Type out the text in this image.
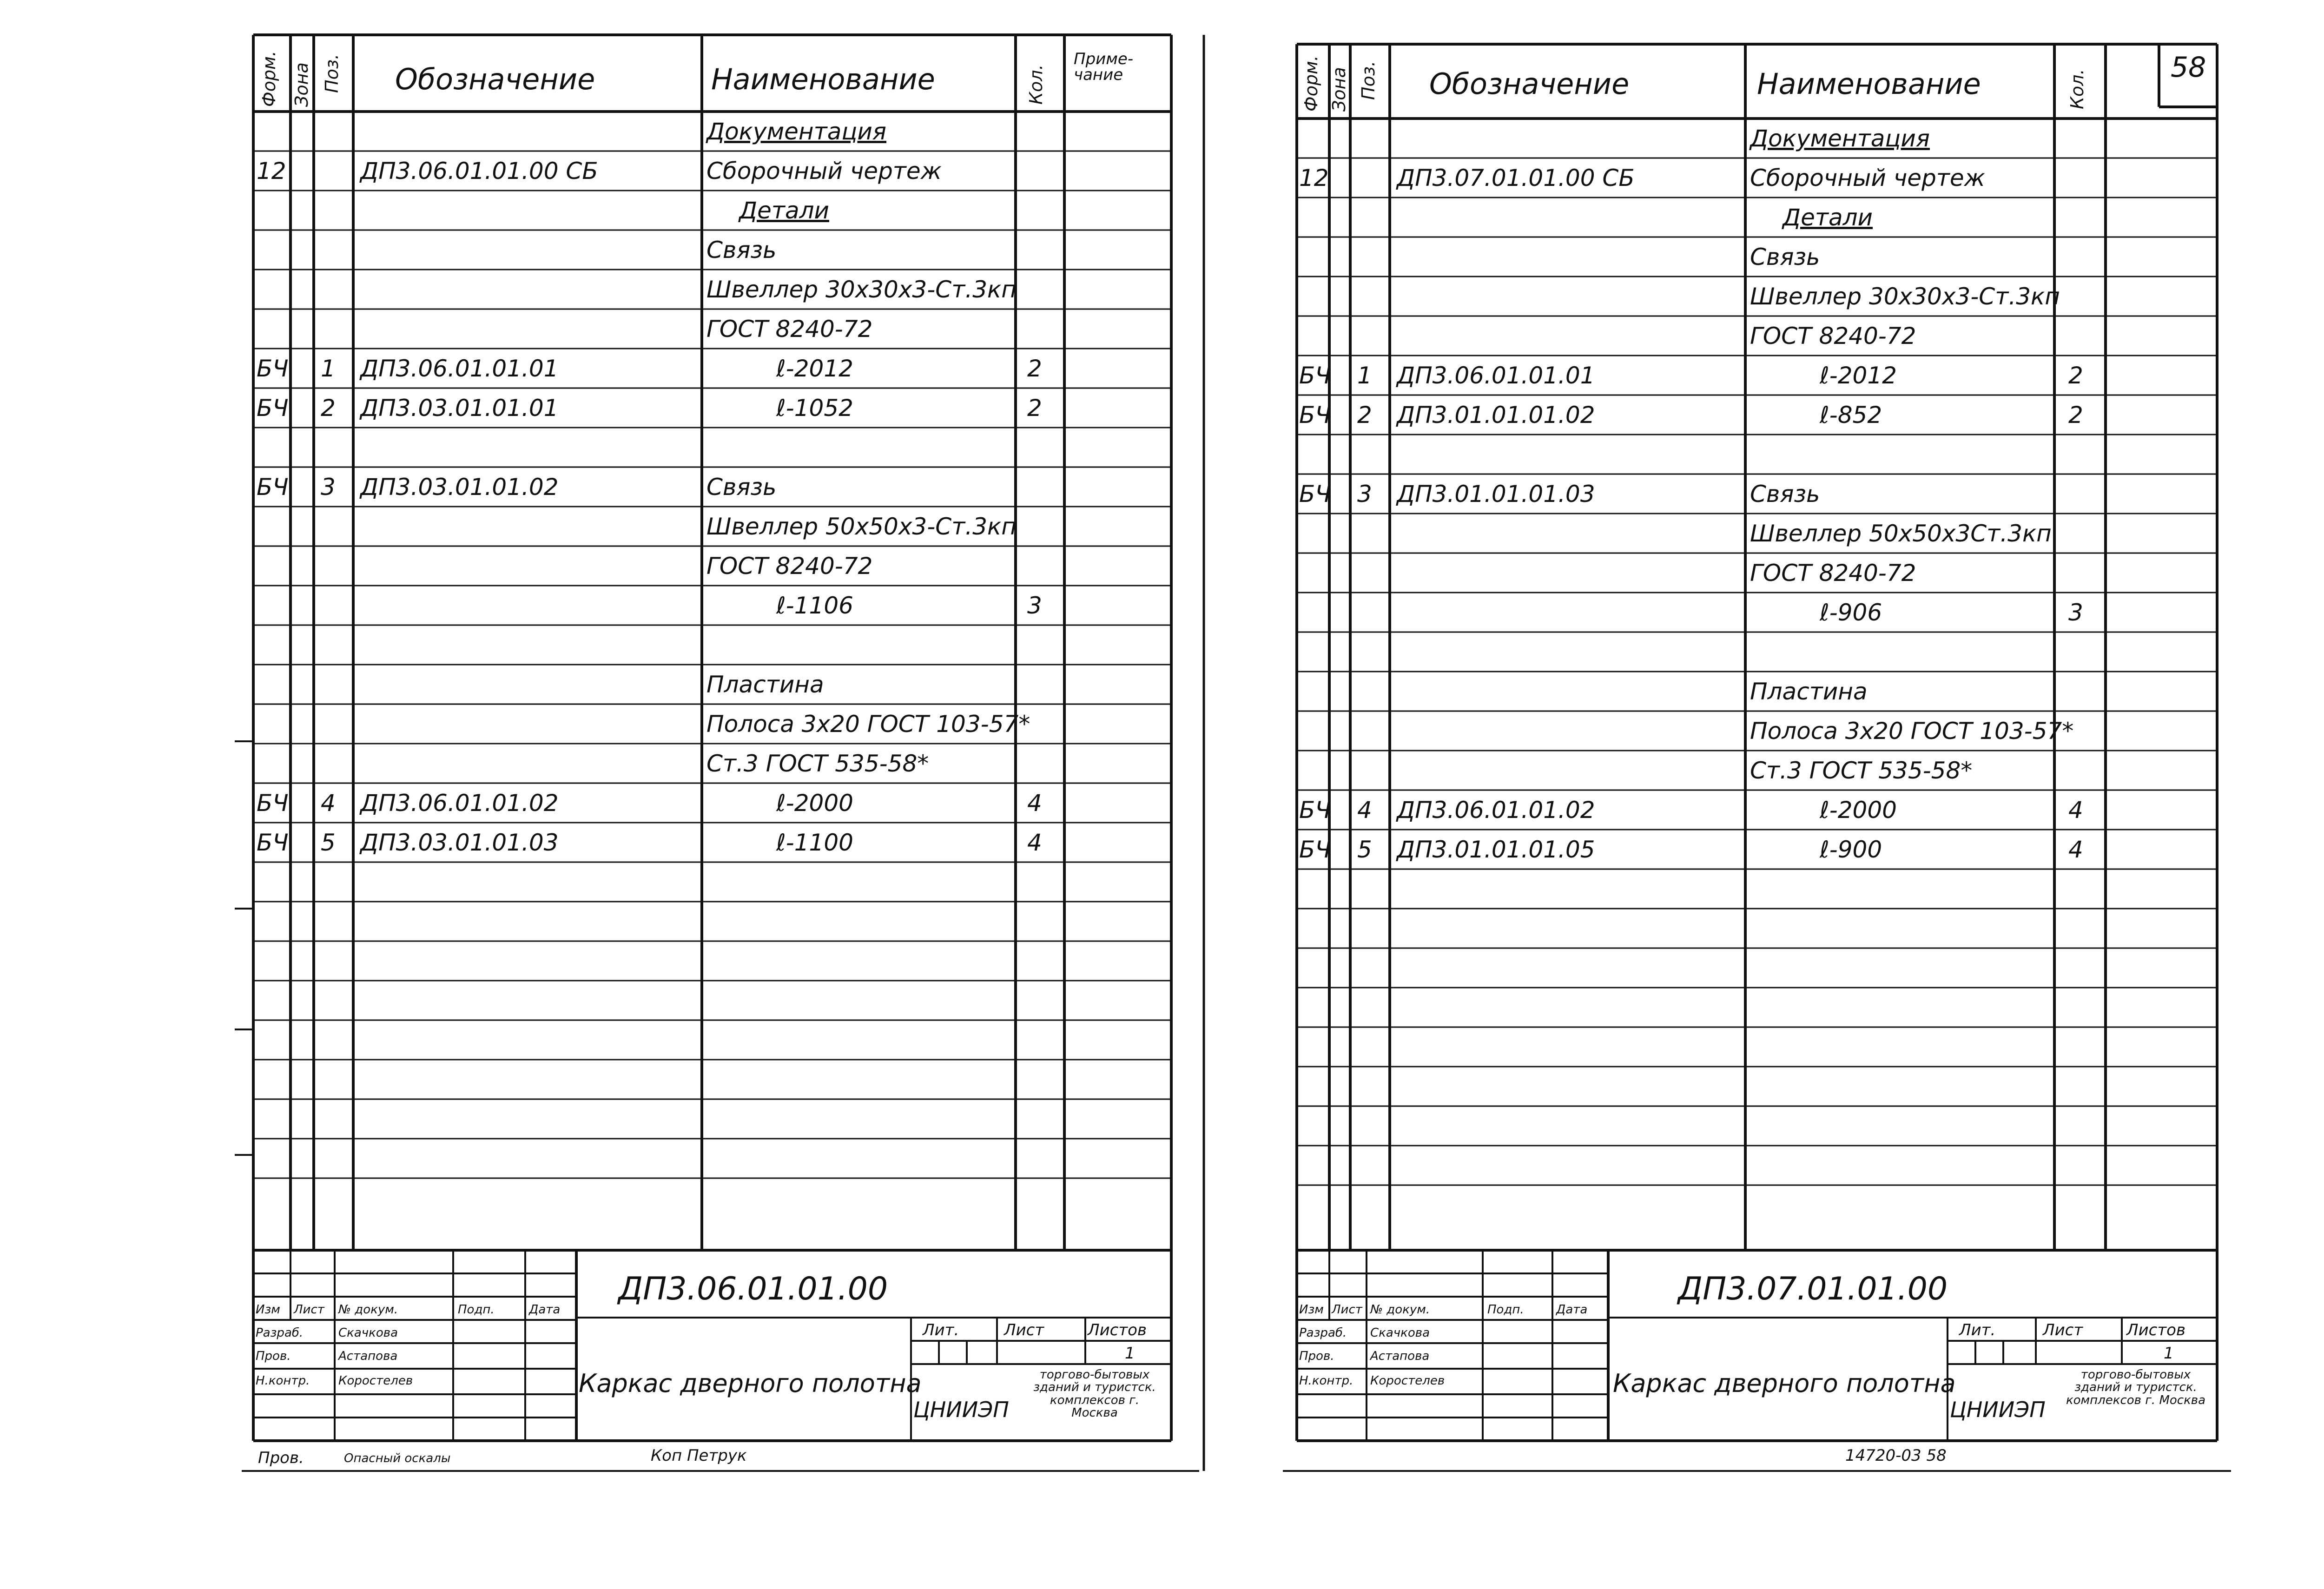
Форм. Зона Поз. Обозначение	Наименование	Кол.
Приме-
чание
Документация
12	ДП3.06.01.01.00 СБ	Сборочный чертеж
Детали
Связь
Швеллер 30х30х3-Ст.3кп
ГОСТ 8240-72
БЧ 1 ДП3.06.01.01.01	ℓ-2012	2
БЧ 2 ДП3.03.01.01.01	ℓ-1052	2
БЧ 3 ДП3.03.01.01.02	Связь
Швеллер 50х50х3-Ст.3кп
ГОСТ 8240-72
ℓ-1106	3
Пластина
Полоса 3х20 ГОСТ 103-57*
Ст.3 ГОСТ 535-58*
БЧ 4 ДП3.06.01.01.02	ℓ-2000	4
БЧ 5 ДП3.03.01.01.03	ℓ-1100	4
ДП3.06.01.01.00
Изм Лист № докум.	Подп.	Дата
Разраб.	Скачкова
Пров.	Астапова
Н.контр. Коростелев	Каркас дверного полотна
Лит.	Лист	Листов
1
ЦНИИЭП
торгово-бытовых зданий и туристск. комплексов г. Москва
Пров.	Опасный оскалы	Коп Петрук
Форм. Зона Поз. Обозначение	Наименование	Кол.
58
Документация
12	ДП3.07.01.01.00 СБ	Сборочный чертеж
Детали
Связь
Швеллер 30х30х3-Ст.3кп
ГОСТ 8240-72
БЧ 1 ДП3.06.01.01.01	ℓ-2012	2
БЧ 2 ДП3.01.01.01.02	ℓ-852	2
БЧ 3 ДП3.01.01.01.03	Связь
Швеллер 50х50х3Ст.3кп
ГОСТ 8240-72
ℓ-906	3
Пластина
Полоса 3х20 ГОСТ 103-57*
Ст.3 ГОСТ 535-58*
БЧ 4 ДП3.06.01.01.02	ℓ-2000	4
БЧ 5 ДП3.01.01.01.05	ℓ-900	4
ДП3.07.01.01.00
Изм Лист № докум.	Подп.	Дата
Разраб. Скачкова
Пров.	Астапова
Н.контр. Коростелев	Каркас дверного полотна
Лит.	Лист	Листов
1
ЦНИИЭП
торгово-бытовых зданий и туристск. комплексов г. Москва
14720-03 58
